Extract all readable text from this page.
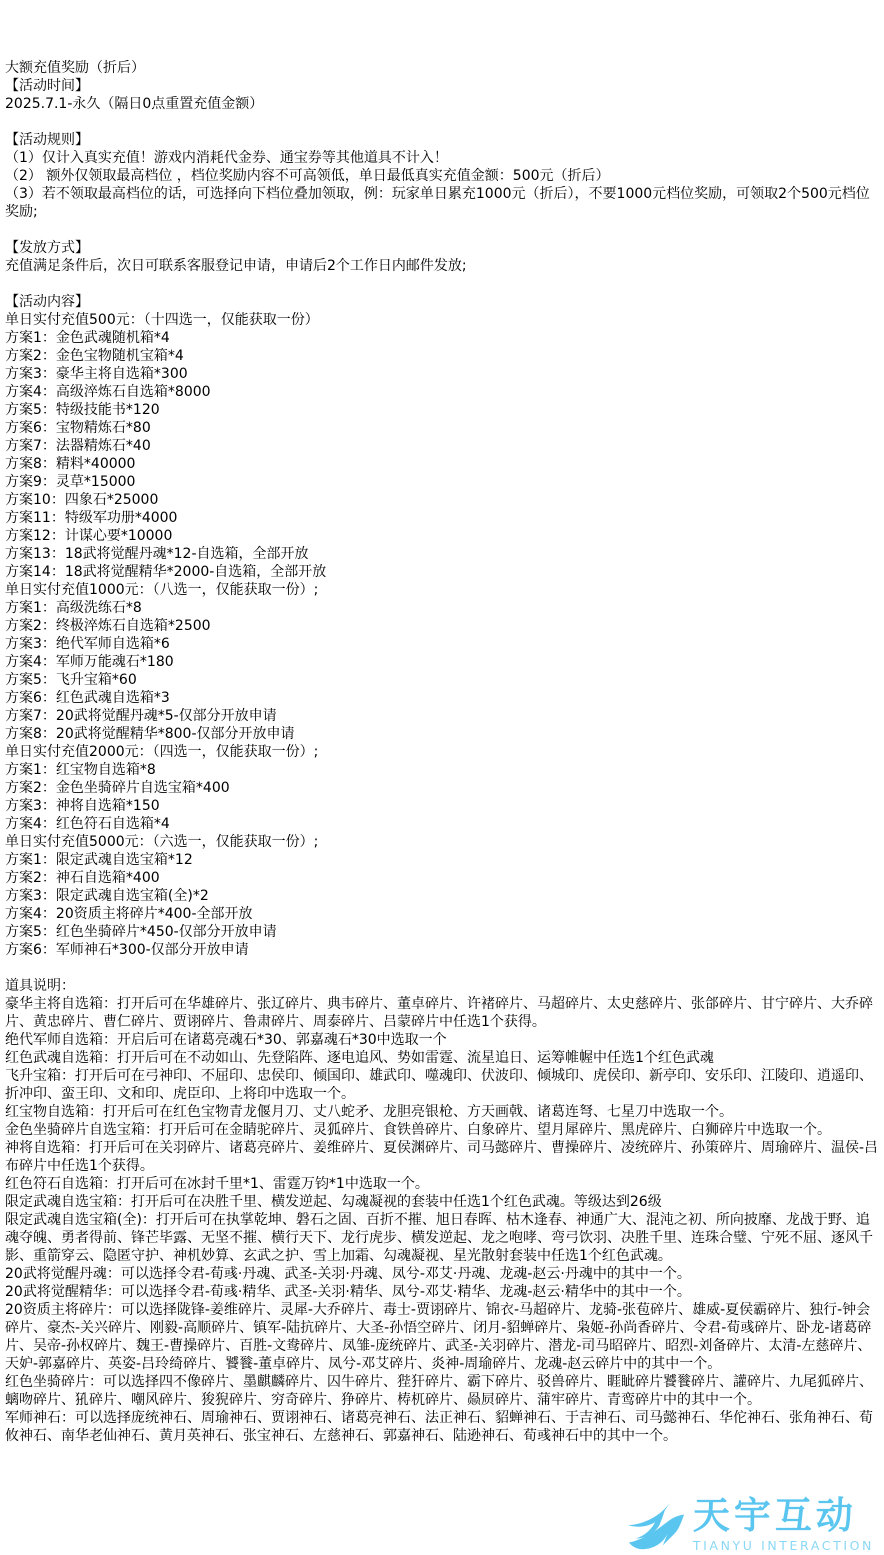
大额充值奖励（折后）
【活动时间】
2025.7.1-永久（隔日0点重置充值金额）

【活动规则】
（1）仅计入真实充值！游戏内消耗代金券、通宝券等其他道具不计入！
（2） 额外仅领取最高档位 ，档位奖励内容不可高领低，单日最低真实充值金额：500元（折后）
（3）若不领取最高档位的话，可选择向下档位叠加领取，例：玩家单日累充1000元（折后），不要1000元档位奖励，可领取2个500元档位奖励;

【发放方式】
充值满足条件后，次日可联系客服登记申请，申请后2个工作日内邮件发放;

【活动内容】
单日实付充值500元：（十四选一，仅能获取一份）
方案1：金色武魂随机箱*4
方案2：金色宝物随机宝箱*4
方案3：豪华主将自选箱*300
方案4：高级淬炼石自选箱*8000
方案5：特级技能书*120
方案6：宝物精炼石*80
方案7：法器精炼石*40
方案8：精料*40000
方案9：灵草*15000
方案10：四象石*25000
方案11：特级军功册*4000
方案12：计谋心要*10000
方案13：18武将觉醒丹魂*12-自选箱，全部开放
方案14：18武将觉醒精华*2000-自选箱，全部开放
单日实付充值1000元：（八选一，仅能获取一份）;
方案1：高级洗练石*8
方案2：终极淬炼石自选箱*2500
方案3：绝代军师自选箱*6
方案4：军师万能魂石*180
方案5：飞升宝箱*60
方案6：红色武魂自选箱*3
方案7：20武将觉醒丹魂*5-仅部分开放申请
方案8：20武将觉醒精华*800-仅部分开放申请
单日实付充值2000元：（四选一，仅能获取一份）;
方案1：红宝物自选箱*8
方案2：金色坐骑碎片自选宝箱*400
方案3：神将自选箱*150
方案4：红色符石自选箱*4
单日实付充值5000元：（六选一，仅能获取一份）;
方案1：限定武魂自选宝箱*12
方案2：神石自选箱*400
方案3：限定武魂自选宝箱(全)*2
方案4：20资质主将碎片*400-全部开放
方案5：红色坐骑碎片*450-仅部分开放申请
方案6：军师神石*300-仅部分开放申请

道具说明：
豪华主将自选箱：打开后可在华雄碎片、张辽碎片、典韦碎片、董卓碎片、许褚碎片、马超碎片、太史慈碎片、张郃碎片、甘宁碎片、大乔碎片、黄忠碎片、曹仁碎片、贾诩碎片、鲁肃碎片、周泰碎片、吕蒙碎片中任选1个获得。
绝代军师自选箱：开启后可在诸葛亮魂石*30、郭嘉魂石*30中选取一个
红色武魂自选箱：打开后可在不动如山、先登陷阵、逐电追风、势如雷霆、流星追日、运筹帷幄中任选1个红色武魂
飞升宝箱：打开后可在弓神印、不屈印、忠侯印、倾国印、雄武印、噬魂印、伏波印、倾城印、虎侯印、新亭印、安乐印、江陵印、逍遥印、折冲印、蛮王印、文和印、虎臣印、上将印中选取一个。
红宝物自选箱：打开后可在红色宝物青龙偃月刀、丈八蛇矛、龙胆亮银枪、方天画戟、诸葛连弩、七星刀中选取一个。
金色坐骑碎片自选宝箱：打开后可在金睛驼碎片、灵狐碎片、食铁兽碎片、白象碎片、望月犀碎片、黑虎碎片、白狮碎片中选取一个。
神将自选箱：打开后可在关羽碎片、诸葛亮碎片、姜维碎片、夏侯渊碎片、司马懿碎片、曹操碎片、凌统碎片、孙策碎片、周瑜碎片、温侯-吕布碎片中任选1个获得。
红色符石自选箱：打开后可在冰封千里*1、雷霆万钧*1中选取一个。
限定武魂自选宝箱：打开后可在决胜千里、横发逆起、勾魂凝视的套装中任选1个红色武魂。等级达到26级
限定武魂自选宝箱(全)：打开后可在执掌乾坤、磐石之固、百折不摧、旭日春晖、枯木逢春、神通广大、混沌之初、所向披靡、龙战于野、追魂夺魄、勇者得前、锋芒毕露、无坚不摧、横行天下、龙行虎步、横发逆起、龙之咆哮、弯弓饮羽、决胜千里、连珠合璧、宁死不屈、逐风千影、重箭穿云、隐匿守护、神机妙算、玄武之护、雪上加霜、勾魂凝视、星光散射套装中任选1个红色武魂。
20武将觉醒丹魂：可以选择令君-荀彧·丹魂、武圣-关羽·丹魂、凤兮-邓艾·丹魂、龙魂-赵云·丹魂中的其中一个。
20武将觉醒精华：可以选择令君-荀彧·精华、武圣-关羽·精华、凤兮-邓艾·精华、龙魂-赵云·精华中的其中一个。
20资质主将碎片：可以选择陇锋-姜维碎片、灵犀-大乔碎片、毒士-贾诩碎片、锦衣-马超碎片、龙骑-张苞碎片、雄威-夏侯霸碎片、独行-钟会碎片、豪杰-关兴碎片、刚毅-高顺碎片、镇军-陆抗碎片、大圣-孙悟空碎片、闭月-貂蝉碎片、枭姬-孙尚香碎片、令君-荀彧碎片、卧龙-诸葛碎片、吴帝-孙权碎片、魏王-曹操碎片、百胜-文鸯碎片、凤雏-庞统碎片、武圣-关羽碎片、潜龙-司马昭碎片、昭烈-刘备碎片、太清-左慈碎片、天妒-郭嘉碎片、英姿-吕玲绮碎片、饕餮-董卓碎片、凤兮-邓艾碎片、炎神-周瑜碎片、龙魂-赵云碎片中的其中一个。
红色坐骑碎片：可以选择四不像碎片、墨麒麟碎片、囚牛碎片、狴犴碎片、霸下碎片、驳兽碎片、睚眦碎片饕餮碎片、讙碎片、九尾狐碎片、螭吻碎片、犼碎片、嘲风碎片、狻猊碎片、穷奇碎片、狰碎片、梼杌碎片、赑屃碎片、蒲牢碎片、青鸾碎片中的其中一个。
军师神石：可以选择庞统神石、周瑜神石、贾诩神石、诸葛亮神石、法正神石、貂蝉神石、于吉神石、司马懿神石、华佗神石、张角神石、荀攸神石、南华老仙神石、黄月英神石、张宝神石、左慈神石、郭嘉神石、陆逊神石、荀彧神石中的其中一个。
天宇互动
TIANYU INTERACTION
